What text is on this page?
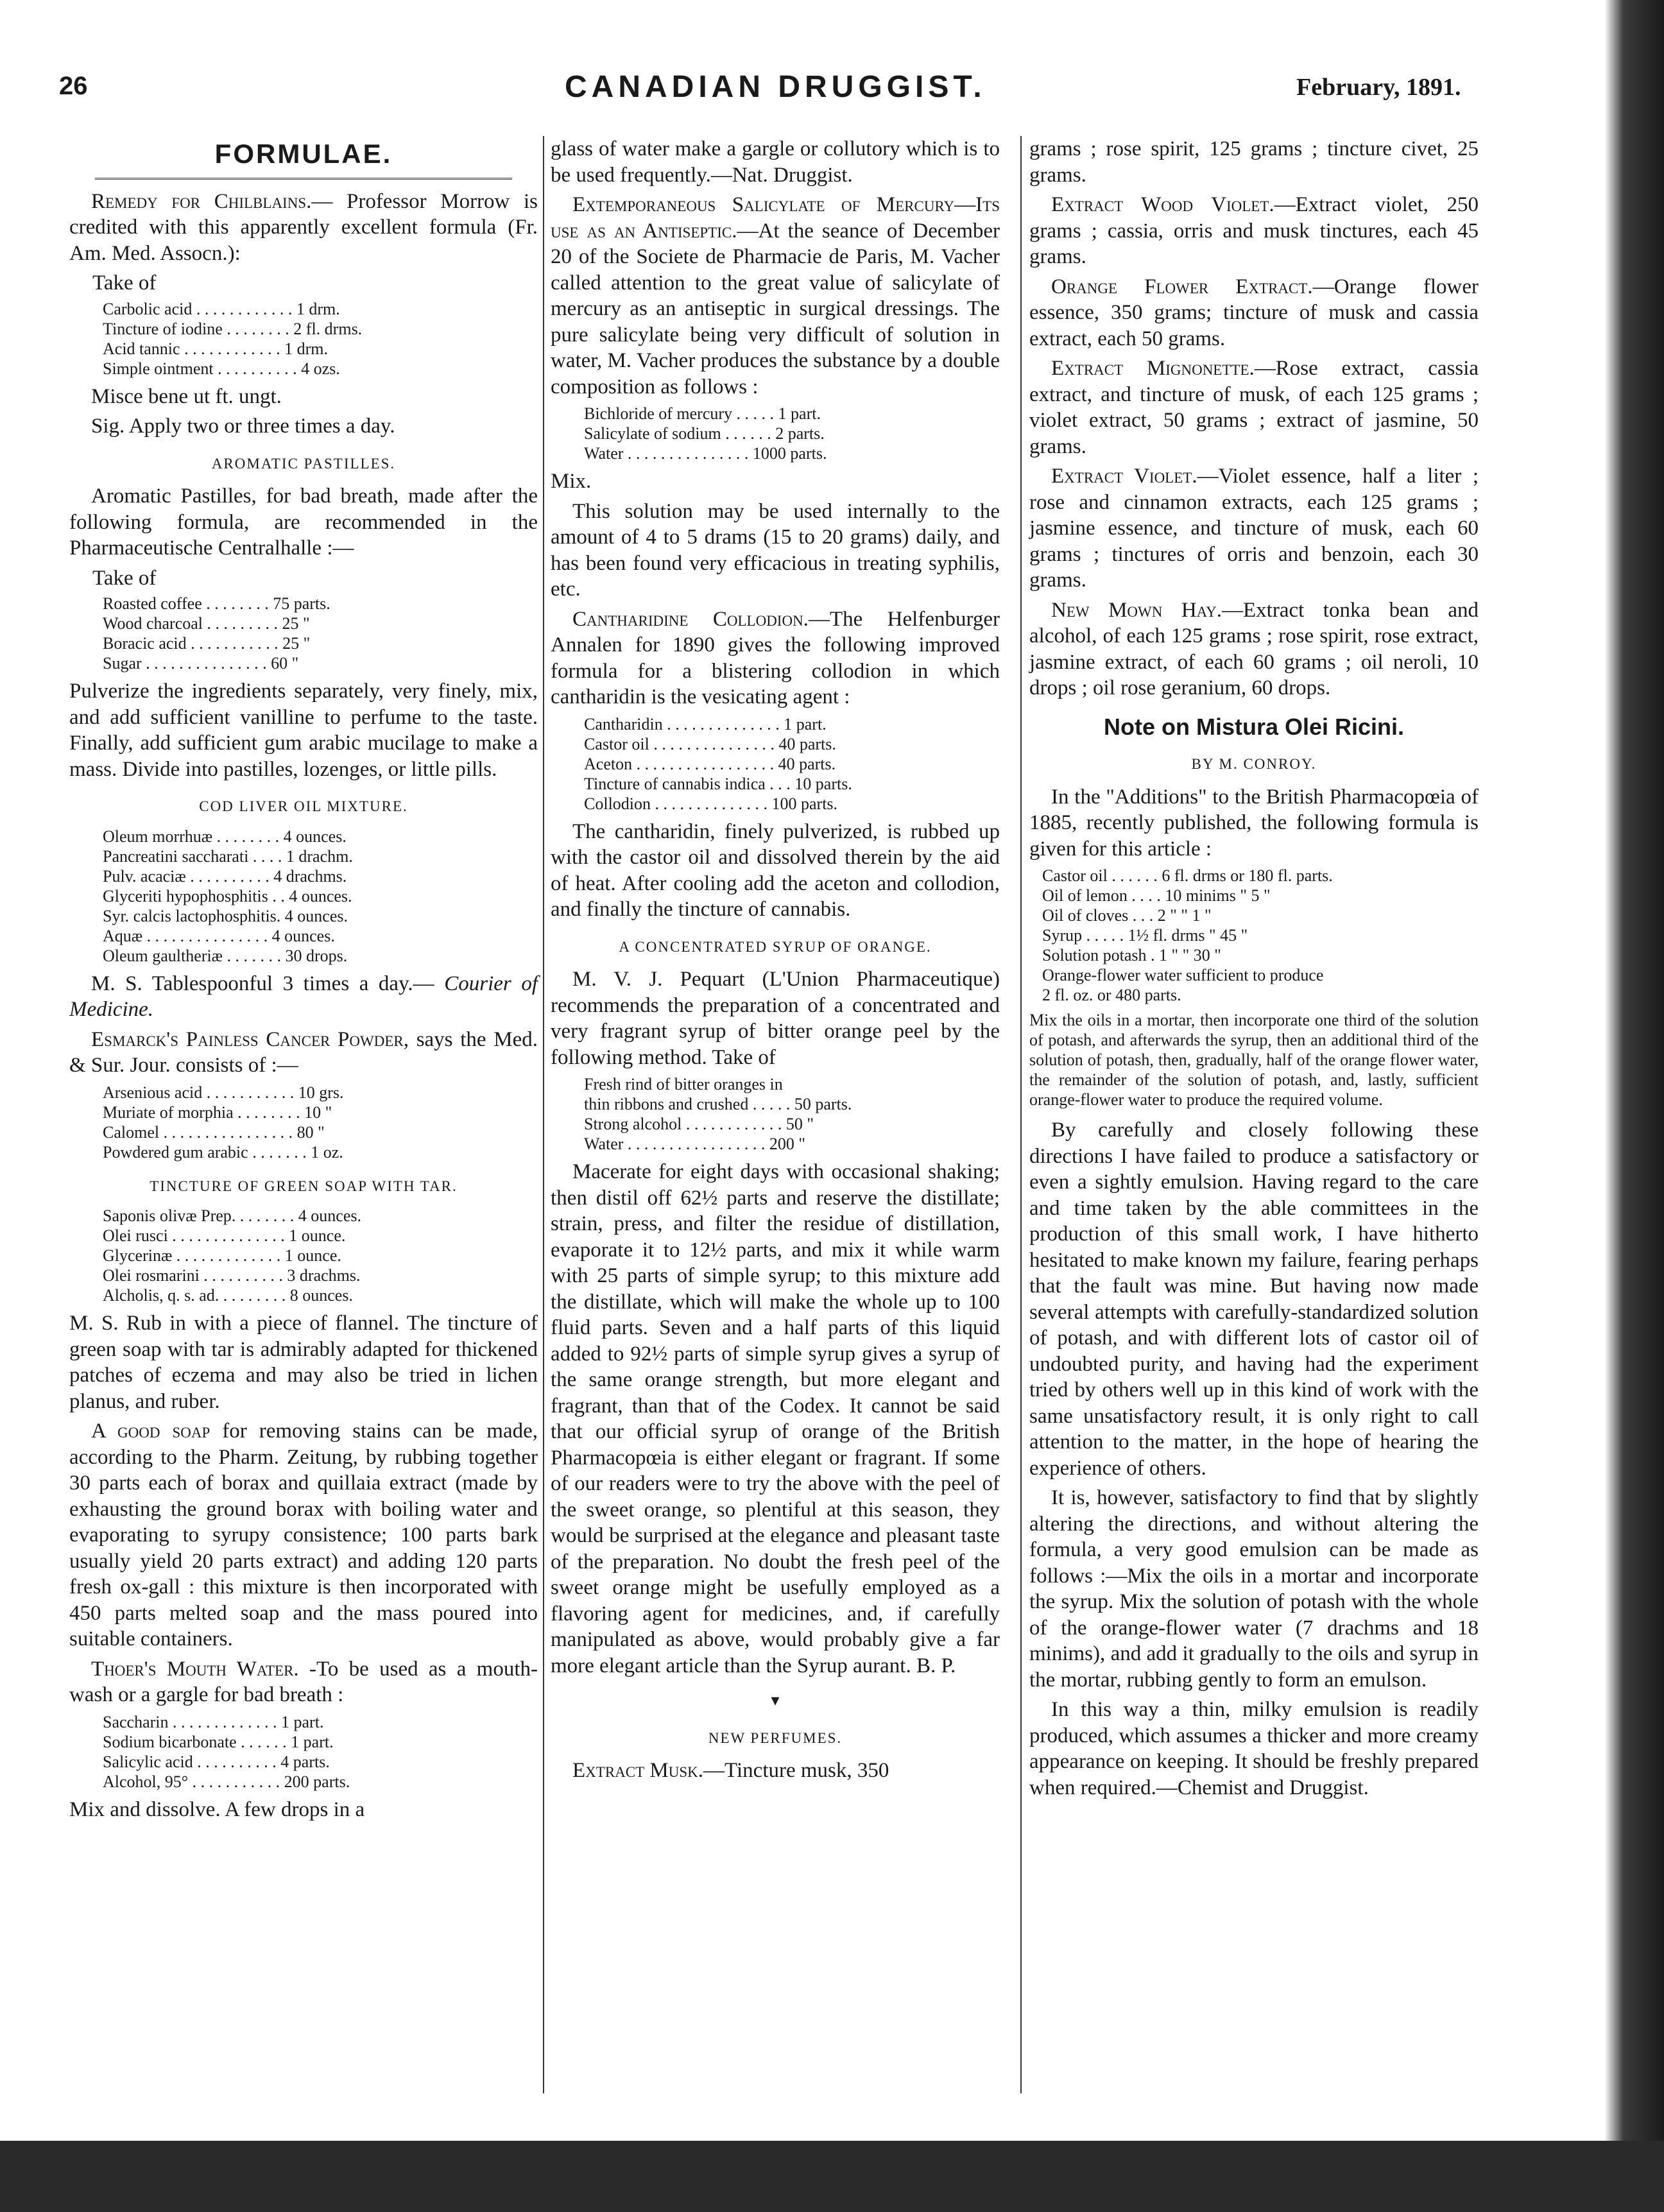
26	CANADIAN DRUGGIST.	February, 1891.
FORMULAE.

Remedy for Chilblains.— Professor Morrow is credited with this apparently excellent formula (Fr. Am. Med. Assocn.):

Take of
Carbolic acid . . . . . . . . . . . . 1 drm.
Tincture of iodine . . . . . . . . 2 fl. drms.
Acid tannic . . . . . . . . . . . . 1 drm.
Simple ointment . . . . . . . . . . 4 ozs.

Misce bene ut ft. ungt.

Sig. Apply two or three times a day.

AROMATIC PASTILLES.

Aromatic Pastilles, for bad breath, made after the following formula, are recommended in the Pharmaceutische Centralhalle :—

Take of
Roasted coffee . . . . . . . . 75 parts.
Wood charcoal . . . . . . . . . 25 "
Boracic acid . . . . . . . . . . . 25 "
Sugar . . . . . . . . . . . . . . . 60 "

Pulverize the ingredients separately, very finely, mix, and add sufficient vanilline to perfume to the taste. Finally, add sufficient gum arabic mucilage to make a mass. Divide into pastilles, lozenges, or little pills.

COD LIVER OIL MIXTURE.
Oleum morrhuæ . . . . . . . . 4 ounces.
Pancreatini saccharati . . . . 1 drachm.
Pulv. acaciæ . . . . . . . . . . 4 drachms.
Glyceriti hypophosphitis . . 4 ounces.
Syr. calcis lactophosphitis. 4 ounces.
Aquæ . . . . . . . . . . . . . . . 4 ounces.
Oleum gaultheriæ . . . . . . . 30 drops.

M. S. Tablespoonful 3 times a day.— Courier of Medicine.

Esmarck's Painless Cancer Powder, says the Med. & Sur. Jour. consists of :—

Arsenious acid . . . . . . . . . . . 10 grs.
Muriate of morphia . . . . . . . . 10 "
Calomel . . . . . . . . . . . . . . . . 80 "
Powdered gum arabic . . . . . . . 1 oz.
TINCTURE OF GREEN SOAP WITH TAR.
Saponis olivæ Prep. . . . . . . . 4 ounces.
Olei rusci . . . . . . . . . . . . . . 1 ounce.
Glycerinæ . . . . . . . . . . . . . 1 ounce.
Olei rosmarini . . . . . . . . . . 3 drachms.
Alcholis, q. s. ad. . . . . . . . . 8 ounces.

M. S. Rub in with a piece of flannel. The tincture of green soap with tar is admirably adapted for thickened patches of eczema and may also be tried in lichen planus, and ruber.

A good soap for removing stains can be made, according to the Pharm. Zeitung, by rubbing together 30 parts each of borax and quillaia extract (made by exhausting the ground borax with boiling water and evaporating to syrupy consistence; 100 parts bark usually yield 20 parts extract) and adding 120 parts fresh ox-gall : this mixture is then incorporated with 450 parts melted soap and the mass poured into suitable containers.

Thoer's Mouth Water. -To be used as a mouth-wash or a gargle for bad breath :

Saccharin . . . . . . . . . . . . . 1 part.
Sodium bicarbonate . . . . . . 1 part.
Salicylic acid . . . . . . . . . . 4 parts.
Alcohol, 95° . . . . . . . . . . . 200 parts.

Mix and dissolve. A few drops in a

glass of water make a gargle or collutory which is to be used frequently.—Nat. Druggist.

Extemporaneous Salicylate of Mercury—Its use as an Antiseptic.—At the seance of December 20 of the Societe de Pharmacie de Paris, M. Vacher called attention to the great value of salicylate of mercury as an antiseptic in surgical dressings. The pure salicylate being very difficult of solution in water, M. Vacher produces the substance by a double composition as follows :

Bichloride of mercury . . . . . 1 part.
Salicylate of sodium . . . . . . 2 parts.
Water . . . . . . . . . . . . . . . 1000 parts.

Mix.

This solution may be used internally to the amount of 4 to 5 drams (15 to 20 grams) daily, and has been found very efficacious in treating syphilis, etc.

Cantharidine Collodion.—The Helfenburger Annalen for 1890 gives the following improved formula for a blistering collodion in which cantharidin is the vesicating agent :

Cantharidin . . . . . . . . . . . . . . 1 part.
Castor oil . . . . . . . . . . . . . . . 40 parts.
Aceton . . . . . . . . . . . . . . . . . 40 parts.
Tincture of cannabis indica . . . 10 parts.
Collodion . . . . . . . . . . . . . . 100 parts.

The cantharidin, finely pulverized, is rubbed up with the castor oil and dissolved therein by the aid of heat. After cooling add the aceton and collodion, and finally the tincture of cannabis.

A CONCENTRATED SYRUP OF ORANGE.

M. V. J. Pequart (L'Union Pharmaceutique) recommends the preparation of a concentrated and very fragrant syrup of bitter orange peel by the following method. Take of

Fresh rind of bitter oranges in
thin ribbons and crushed . . . . . 50 parts.
Strong alcohol . . . . . . . . . . . . 50 "
Water . . . . . . . . . . . . . . . . . 200 "

Macerate for eight days with occasional shaking; then distil off 62½ parts and reserve the distillate; strain, press, and filter the residue of distillation, evaporate it to 12½ parts, and mix it while warm with 25 parts of simple syrup; to this mixture add the distillate, which will make the whole up to 100 fluid parts. Seven and a half parts of this liquid added to 92½ parts of simple syrup gives a syrup of the same orange strength, but more elegant and fragrant, than that of the Codex. It cannot be said that our official syrup of orange of the British Pharmacopœia is either elegant or fragrant. If some of our readers were to try the above with the peel of the sweet orange, so plentiful at this season, they would be surprised at the elegance and pleasant taste of the preparation. No doubt the fresh peel of the sweet orange might be usefully employed as a flavoring agent for medicines, and, if carefully manipulated as above, would probably give a far more elegant article than the Syrup aurant. B. P.

▾
NEW PERFUMES.

Extract Musk.—Tincture musk, 350

grams ; rose spirit, 125 grams ; tincture civet, 25 grams.

Extract Wood Violet.—Extract violet, 250 grams ; cassia, orris and musk tinctures, each 45 grams.

Orange Flower Extract.—Orange flower essence, 350 grams; tincture of musk and cassia extract, each 50 grams.

Extract Mignonette.—Rose extract, cassia extract, and tincture of musk, of each 125 grams ; violet extract, 50 grams ; extract of jasmine, 50 grams.

Extract Violet.—Violet essence, half a liter ; rose and cinnamon extracts, each 125 grams ; jasmine essence, and tincture of musk, each 60 grams ; tinctures of orris and benzoin, each 30 grams.

New Mown Hay.—Extract tonka bean and alcohol, of each 125 grams ; rose spirit, rose extract, jasmine extract, of each 60 grams ; oil neroli, 10 drops ; oil rose geranium, 60 drops.

Note on Mistura Olei Ricini.
BY M. CONROY.

In the "Additions" to the British Pharmacopœia of 1885, recently published, the following formula is given for this article :

Castor oil . . . . . . 6 fl. drms or 180 fl. parts.
Oil of lemon . . . . 10 minims " 5 "
Oil of cloves . . . 2 " " 1 "
Syrup . . . . . 1½ fl. drms " 45 "
Solution potash . 1 " " 30 "
Orange-flower water sufficient to produce
2 fl. oz. or 480 parts.
Mix the oils in a mortar, then incorporate one third of the solution of potash, and afterwards the syrup, then an additional third of the solution of potash, then, gradually, half of the orange flower water, the remainder of the solution of potash, and, lastly, sufficient orange-flower water to produce the required volume.

By carefully and closely following these directions I have failed to produce a satisfactory or even a sightly emulsion. Having regard to the care and time taken by the able committees in the production of this small work, I have hitherto hesitated to make known my failure, fearing perhaps that the fault was mine. But having now made several attempts with carefully-standardized solution of potash, and with different lots of castor oil of undoubted purity, and having had the experiment tried by others well up in this kind of work with the same unsatisfactory result, it is only right to call attention to the matter, in the hope of hearing the experience of others.

It is, however, satisfactory to find that by slightly altering the directions, and without altering the formula, a very good emulsion can be made as follows :—Mix the oils in a mortar and incorporate the syrup. Mix the solution of potash with the whole of the orange-flower water (7 drachms and 18 minims), and add it gradually to the oils and syrup in the mortar, rubbing gently to form an emulson.

In this way a thin, milky emulsion is readily produced, which assumes a thicker and more creamy appearance on keeping. It should be freshly prepared when required.—Chemist and Druggist.
